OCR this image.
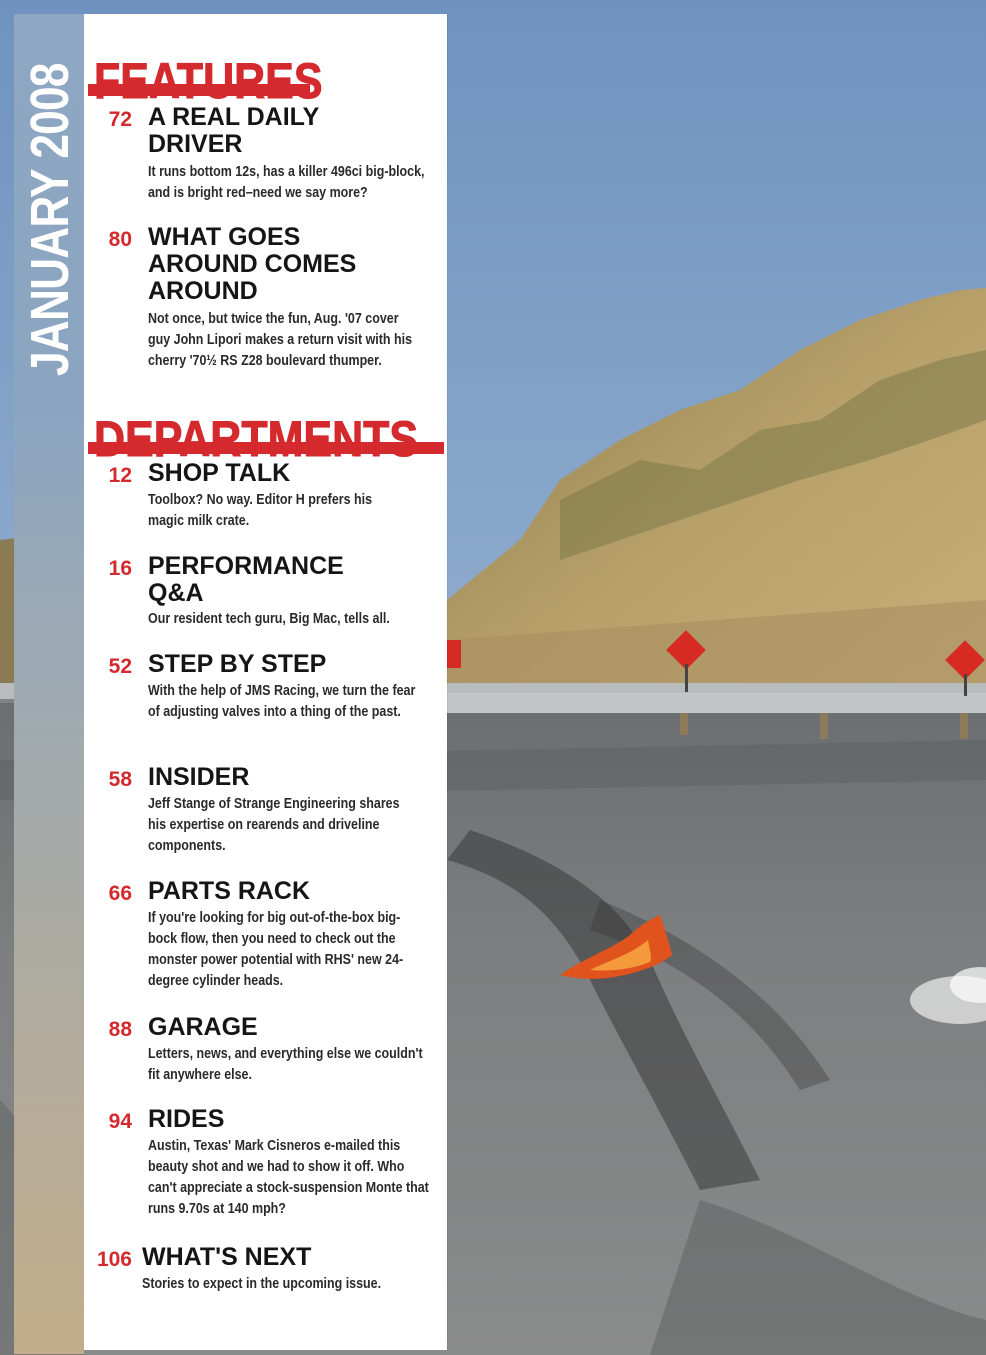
JANUARY 2008 FEATURES
72 A REAL DAILY DRIVER
It runs bottom 12s, has a killer 496ci big-block, and is bright red–need we say more?
80 WHAT GOES AROUND COMES AROUND
Not once, but twice the fun, Aug. '07 cover guy John Lipori makes a return visit with his cherry '70½ RS Z28 boulevard thumper.
DEPARTMENTS
12 SHOP TALK
Toolbox? No way. Editor H prefers his magic milk crate.
16 PERFORMANCE Q&A
Our resident tech guru, Big Mac, tells all.
52 STEP BY STEP
With the help of JMS Racing, we turn the fear of adjusting valves into a thing of the past.
58 INSIDER
Jeff Stange of Strange Engineering shares his expertise on rearends and driveline components.
66 PARTS RACK
If you're looking for big out-of-the-box big-bock flow, then you need to check out the monster power potential with RHS' new 24-degree cylinder heads.
88 GARAGE
Letters, news, and everything else we couldn't fit anywhere else.
94 RIDES
Austin, Texas' Mark Cisneros e-mailed this beauty shot and we had to show it off. Who can't appreciate a stock-suspension Monte that runs 9.70s at 140 mph?
106 WHAT'S NEXT
Stories to expect in the upcoming issue.
